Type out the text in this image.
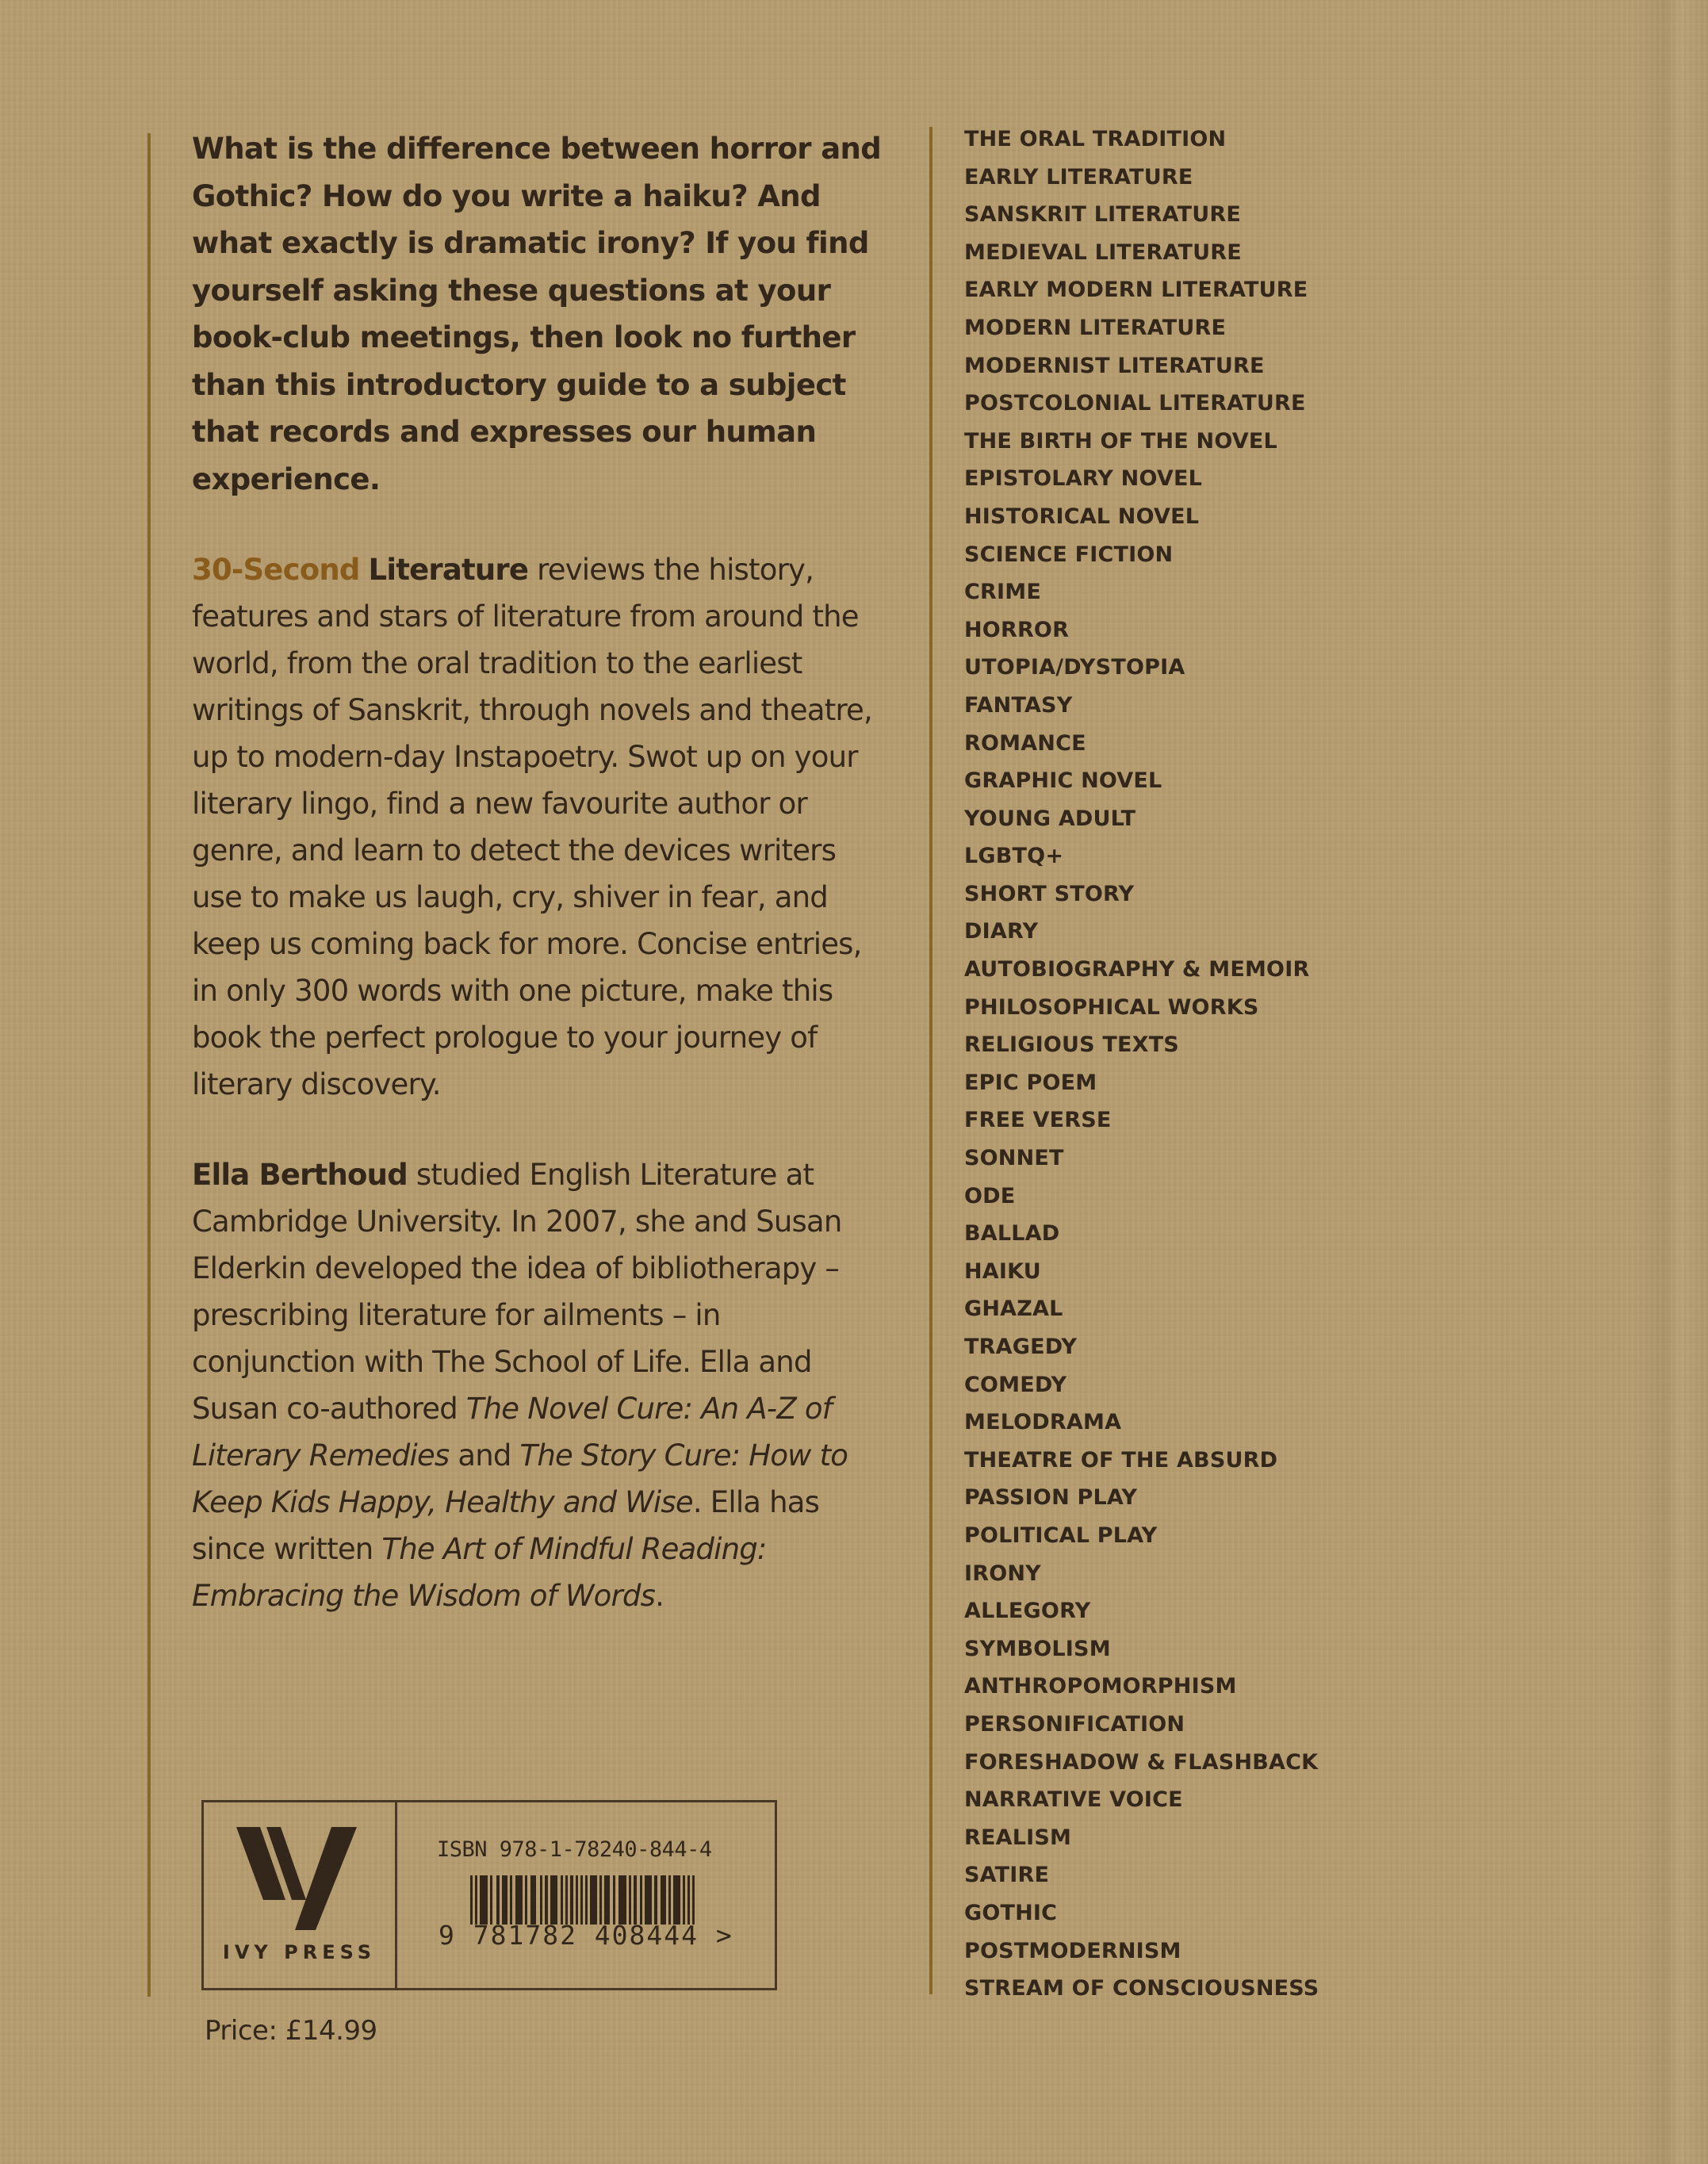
What is the difference between horror and Gothic? How do you write a haiku? And what exactly is dramatic irony? If you find yourself asking these questions at your book-club meetings, then look no further than this introductory guide to a subject that records and expresses our human experience.

30-Second Literature reviews the history, features and stars of literature from around the world, from the oral tradition to the earliest writings of Sanskrit, through novels and theatre, up to modern-day Instapoetry. Swot up on your literary lingo, find a new favourite author or genre, and learn to detect the devices writers use to make us laugh, cry, shiver in fear, and keep us coming back for more. Concise entries, in only 300 words with one picture, make this book the perfect prologue to your journey of literary discovery.

Ella Berthoud studied English Literature at Cambridge University. In 2007, she and Susan Elderkin developed the idea of bibliotherapy – prescribing literature for ailments – in conjunction with The School of Life. Ella and Susan co-authored The Novel Cure: An A-Z of Literary Remedies and The Story Cure: How to Keep Kids Happy, Healthy and Wise. Ella has since written The Art of Mindful Reading: Embracing the Wisdom of Words.

IVY PRESS
ISBN 978-1-78240-844-4
9 781782 408444 >
Price: £14.99
THE ORAL TRADITION
EARLY LITERATURE
SANSKRIT LITERATURE
MEDIEVAL LITERATURE
EARLY MODERN LITERATURE
MODERN LITERATURE
MODERNIST LITERATURE
POSTCOLONIAL LITERATURE
THE BIRTH OF THE NOVEL
EPISTOLARY NOVEL
HISTORICAL NOVEL
SCIENCE FICTION
CRIME
HORROR
UTOPIA/DYSTOPIA
FANTASY
ROMANCE
GRAPHIC NOVEL
YOUNG ADULT
LGBTQ+
SHORT STORY
DIARY
AUTOBIOGRAPHY & MEMOIR
PHILOSOPHICAL WORKS
RELIGIOUS TEXTS
EPIC POEM
FREE VERSE
SONNET
ODE
BALLAD
HAIKU
GHAZAL
TRAGEDY
COMEDY
MELODRAMA
THEATRE OF THE ABSURD
PASSION PLAY
POLITICAL PLAY
IRONY
ALLEGORY
SYMBOLISM
ANTHROPOMORPHISM
PERSONIFICATION
FORESHADOW & FLASHBACK
NARRATIVE VOICE
REALISM
SATIRE
GOTHIC
POSTMODERNISM
STREAM OF CONSCIOUSNESS
